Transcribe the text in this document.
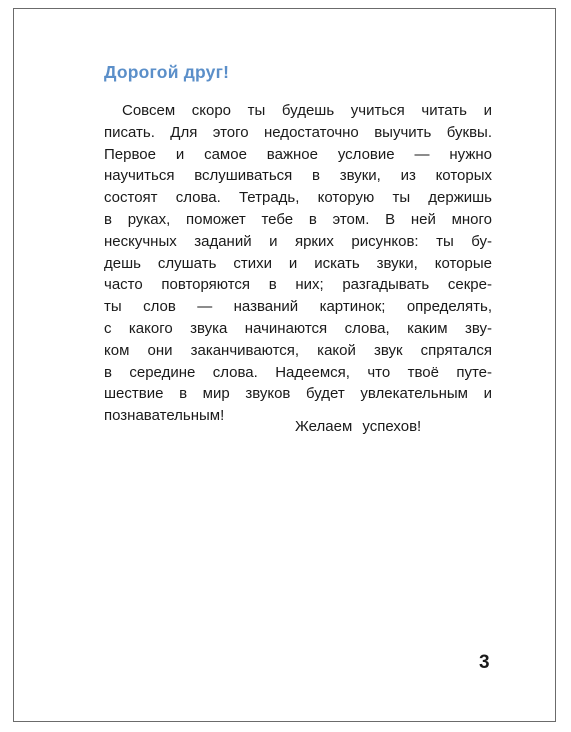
Дорогой друг!
Совсем скоро ты будешь учиться читать и
писать. Для этого недостаточно выучить буквы.
Первое и самое важное условие — нужно
научиться вслушиваться в звуки, из которых
состоят слова. Тетрадь, которую ты держишь
в руках, поможет тебе в этом. В ней много
нескучных заданий и ярких рисунков: ты бу-
дешь слушать стихи и искать звуки, которые
часто повторяются в них; разгадывать секре-
ты слов — названий картинок; определять,
с какого звука начинаются слова, каким зву-
ком они заканчиваются, какой звук спрятался
в середине слова. Надеемся, что твоё путе-
шествие в мир звуков будет увлекательным и
познавательным!

Желаем успехов!

3
